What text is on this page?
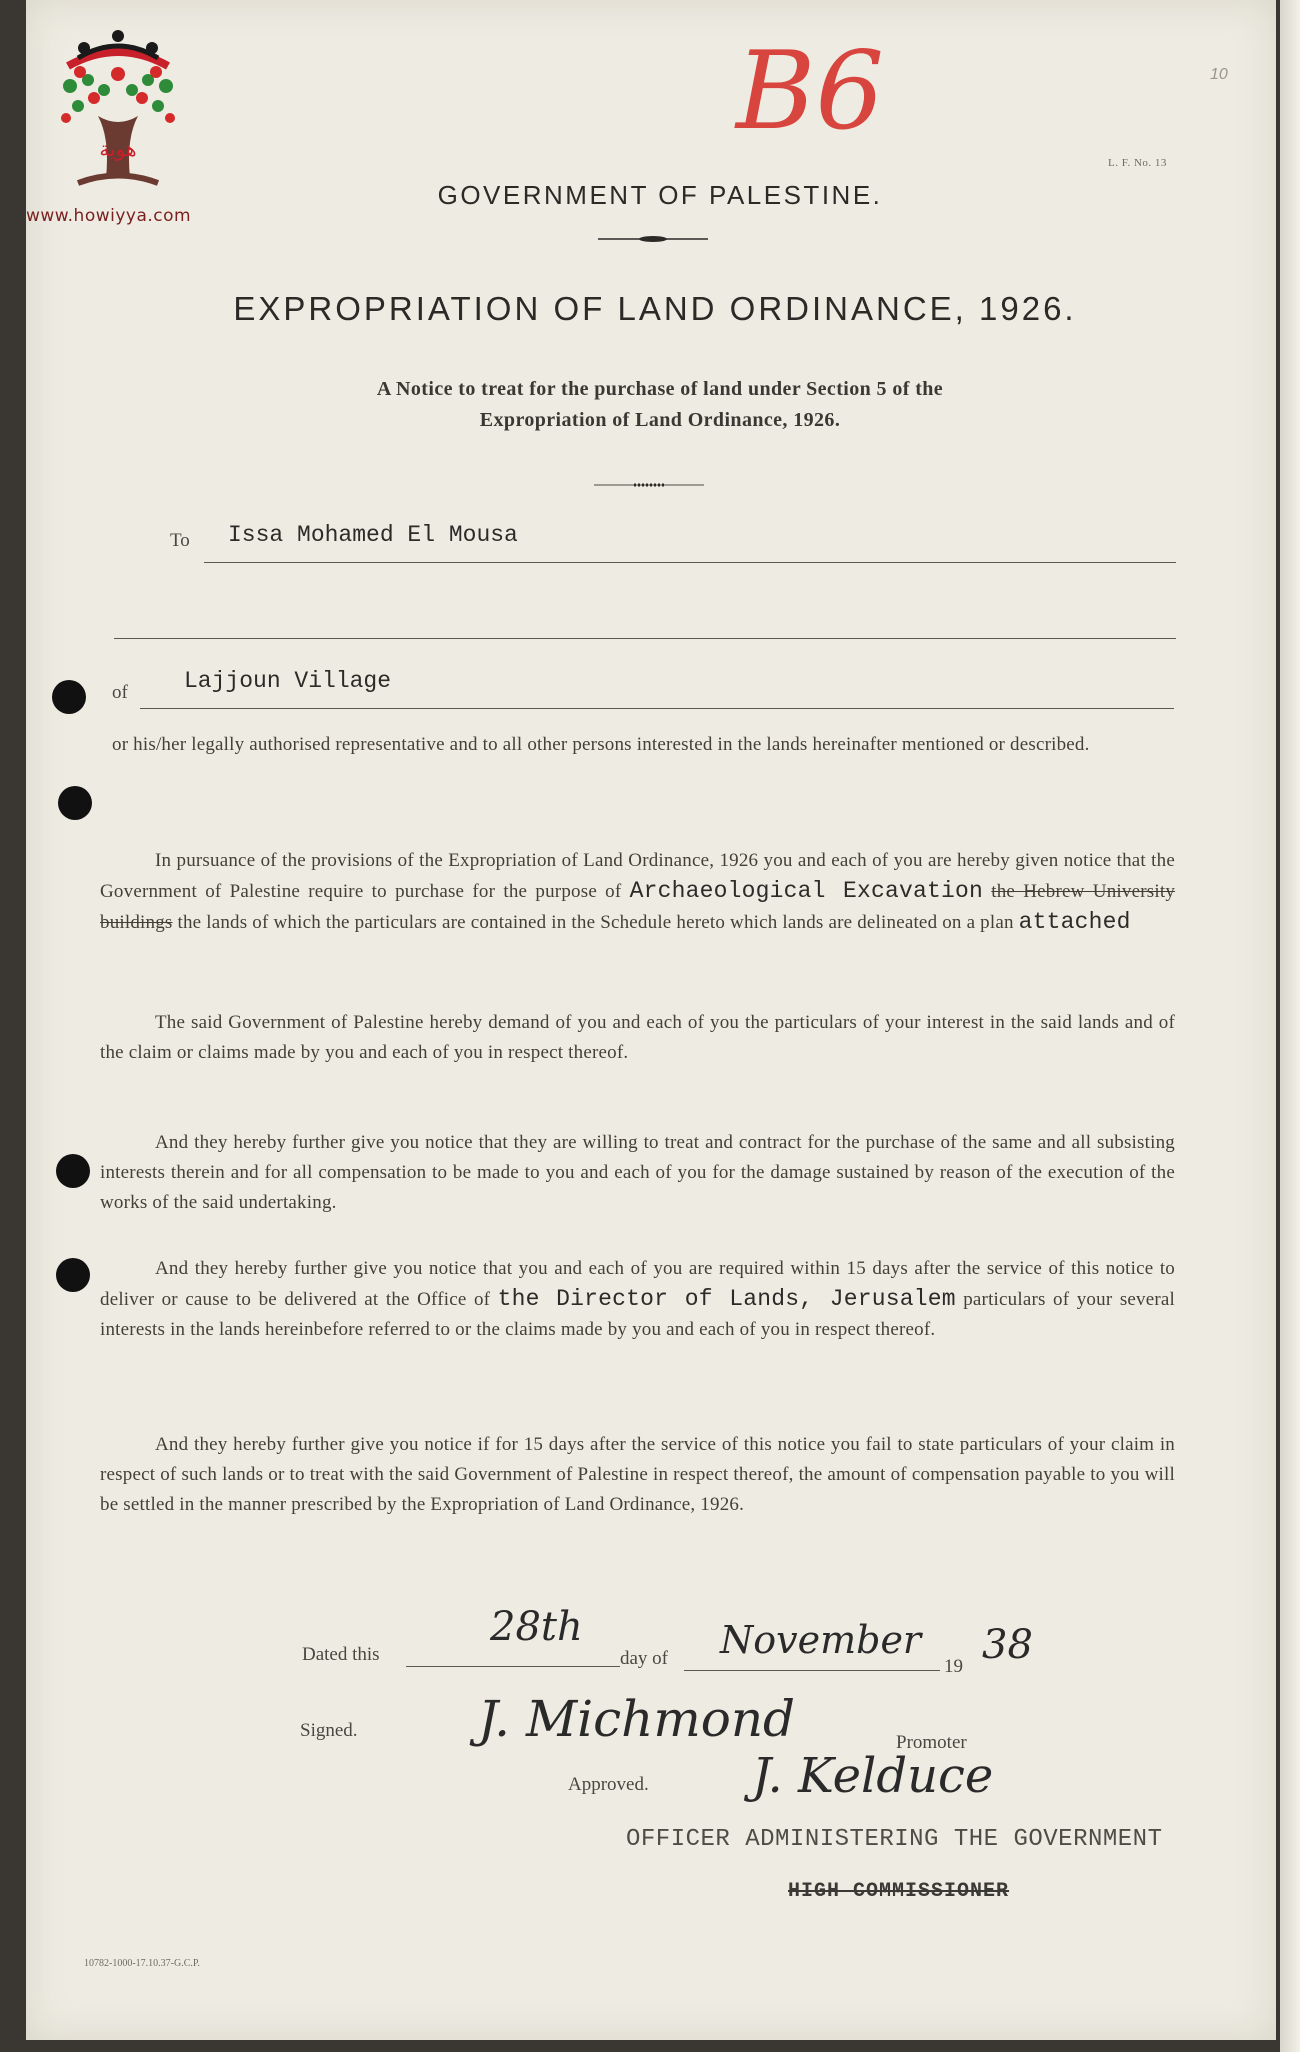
هوية
www.howiyya.com
B6	10
L. F. No. 13
GOVERNMENT OF PALESTINE.
EXPROPRIATION OF LAND ORDINANCE, 1926.
A Notice to treat for the purchase of land under Section 5 of the
Expropriation of Land Ordinance, 1926.
To Issa Mohamed El Mousa
of Lajjoun Village
or his/her legally authorised representative and to all other persons interested in the lands hereinafter mentioned or described.
In pursuance of the provisions of the Expropriation of Land Ordinance, 1926 you and each of you are hereby given notice that the Government of Palestine require to purchase for the purpose of Archaeological Excavation the Hebrew University buildings the lands of which the particulars are contained in the Schedule hereto which lands are delineated on a plan attached
The said Government of Palestine hereby demand of you and each of you the particulars of your interest in the said lands and of the claim or claims made by you and each of you in respect thereof.
And they hereby further give you notice that they are willing to treat and contract for the purchase of the same and all subsisting interests therein and for all compensation to be made to you and each of you for the damage sustained by reason of the execution of the works of the said undertaking.
And they hereby further give you notice that you and each of you are required within 15 days after the service of this notice to deliver or cause to be delivered at the Office of the Director of Lands, Jerusalem particulars of your several interests in the lands hereinbefore referred to or the claims made by you and each of you in respect thereof.
And they hereby further give you notice if for 15 days after the service of this notice you fail to state particulars of your claim in respect of such lands or to treat with the said Government of Palestine in respect thereof, the amount of compensation payable to you will be settled in the manner prescribed by the Expropriation of Land Ordinance, 1926.
Dated this
28th
day of November
19 38
Signed. J. Michmond	Promoter
Approved. J. Kelduce
OFFICER ADMINISTERING THE GOVERNMENT
HIGH COMMISSIONER
10782-1000-17.10.37-G.C.P.
